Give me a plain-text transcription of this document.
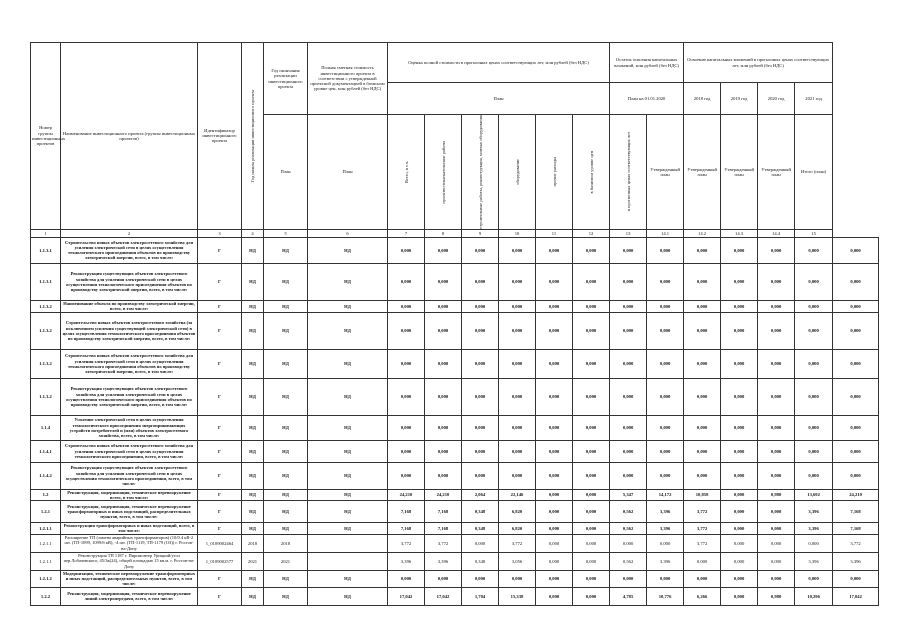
Номер группы инвестиционных проектов	Наименование инвестиционного проекта (группы инвестиционных проектов)	Идентификатор инвестиционного проекта	Год начала реализации инвестиционного проекта	Год окончания реализации инвестиционного проекта	Полная сметная стоимость инвестиционного проекта в соответствии с утвержденной проектной документацией в базисном уровне цен, млн рублей (без НДС)	Оценка полной стоимости в прогнозных ценах соответствующих лет, млн рублей (без НДС)						Остаток освоения капитальных вложений, млн рублей (без НДС)		Освоение капитальных вложений в прогнозных ценах соответствующих лет, млн рублей (без НДС)				
						План						План на 01.01.2020		2018 год	2019 год	2020 год	2021 год	
				План	План	Всего, в т.ч.	проектно-изыскательские работы	строительные работы, реконструкция, монтаж оборудования	оборудование	прочие расходы	в базисном уровне цен	в прогнозных ценах соответствующих лет	Утвержденный план	Утвержденный план	Утвержденный план	Утвержденный план	Итого (план)	
1	2	3	4	5	6	7	8	9	10	11	12	13	14.1	14.2	14.3	14.4	15	
1.1.3.1	Строительство новых объектов электросетевого хозяйства для усиления электрической сети в целях осуществления технологического присоединения объектов по производству электрической энергии, всего, в том числе:	Г	НД	НД	НД	0,000	0,000	0,000	0,000	0,000	0,000	0,000	0,000	0,000	0,000	0,000	0,000	0,000
1.1.3.1	Реконструкция существующих объектов электросетевого хозяйства для усиления электрической сети в целях осуществления технологического присоединения объектов по производству электрической энергии, всего, в том числе:	Г	НД	НД	НД	0,000	0,000	0,000	0,000	0,000	0,000	0,000	0,000	0,000	0,000	0,000	0,000	0,000
1.1.3.2	Наименование объекта по производству электрической энергии, всего, в том числе:	Г	НД	НД	НД	0,000	0,000	0,000	0,000	0,000	0,000	0,000	0,000	0,000	0,000	0,000	0,000	0,000
1.1.3.2	Строительство новых объектов электросетевого хозяйства (за исключением усиления существующей электрической сети) в целях осуществления технологического присоединения объектов по производству электрической энергии, всего, в том числе:	Г	НД	НД	НД	0,000	0,000	0,000	0,000	0,000	0,000	0,000	0,000	0,000	0,000	0,000	0,000	0,000
1.1.3.2	Строительство новых объектов электросетевого хозяйства для усиления электрической сети в целях осуществления технологического присоединения объектов по производству электрической энергии, всего, в том числе:	Г	НД	НД	НД	0,000	0,000	0,000	0,000	0,000	0,000	0,000	0,000	0,000	0,000	0,000	0,000	0,000
1.1.3.2	Реконструкция существующих объектов электросетевого хозяйства для усиления электрической сети в целях осуществления технологического присоединения объектов по производству электрической энергии, всего, в том числе:	Г	НД	НД	НД	0,000	0,000	0,000	0,000	0,000	0,000	0,000	0,000	0,000	0,000	0,000	0,000	0,000
1.1.4	Усиление электрической сети в целях осуществления технологического присоединения энергопринимающих устройств потребителей и (или) объектов электросетевого хозяйства, всего, в том числе:	Г	НД	НД	НД	0,000	0,000	0,000	0,000	0,000	0,000	0,000	0,000	0,000	0,000	0,000	0,000	0,000
1.1.4.1	Строительство новых объектов электросетевого хозяйства для усиления электрической сети в целях осуществления технологического присоединения, всего, в том числе:	Г	НД	НД	НД	0,000	0,000	0,000	0,000	0,000	0,000	0,000	0,000	0,000	0,000	0,000	0,000	0,000
1.1.4.2	Реконструкция существующих объектов электросетевого хозяйства для усиления электрической сети в целях осуществления технологического присоединения, всего, в том числе:	Г	НД	НД	НД	0,000	0,000	0,000	0,000	0,000	0,000	0,000	0,000	0,000	0,000	0,000	0,000	0,000
1.2	Реконструкция, модернизация, техническое перевооружение всего, в том числе:	Г	НД	НД	НД	24,210	24,210	2,064	22,146	0,000	0,000	5,347	14,172	10,858	0,000	0,980	13,692	24,210
1.2.1	Реконструкция, модернизация, техническое перевооружение трансформаторных и иных подстанций, распределительных пунктов, всего, в том числе:	Г	НД	НД	НД	7,168	7,168	0,348	6,820	0,000	0,000	0,562	3,396	3,772	0,000	0,000	3,396	7,168
1.2.1.1	Реконструкция трансформаторных и иных подстанций, всего, в том числе:	Г	НД	НД	НД	7,168	7,168	0,348	6,820	0,000	0,000	0,562	3,396	3,772	0,000	0,000	3,396	7,168
1.2.1.1	Расширение ТП (замена аварийных трансформаторов) (10/0.4 кВ-2 шт. (ТП-1099, 1099/6 кВ), -4 шт. (ТП-1119, ТП-1179 (ОЗ)) г. Ростов-на-Дону	1_0109002464	2018	2018		3,772	3,772	0,000	3,772	0,000	0,000	0,000	0,000	3,772	0,000	0,000	0,000	3,772
1.2.1.1	Реконструкция ТП 1187 г. Пиромонтер Урицкий/угол пер.Лобачевского, 45/3к(24), общей площадью 15 кв.м. г. Ростов-на-Дону	1_0109002577	2021	2021		3,396	3,396	0,348	3,056	0,000	0,000	0,562	3,396	0,000	0,000	0,000	3,396	3,396
1.2.1.2	Модернизация, техническое перевооружение трансформаторных и иных подстанций, распределительных пунктов, всего, в том числе:	Г	НД	НД	НД	0,000	0,000	0,000	0,000	0,000	0,000	0,000	0,000	0,000	0,000	0,000	0,000	0,000
1.2.2	Реконструкция, модернизация, техническое перевооружение линий электропередачи, всего, в том числе:	Г	НД	НД	НД	17,042	17,042	1,704	15,338	0,000	0,000	4,785	10,776	6,266	0,000	0,980	10,296	17,042
